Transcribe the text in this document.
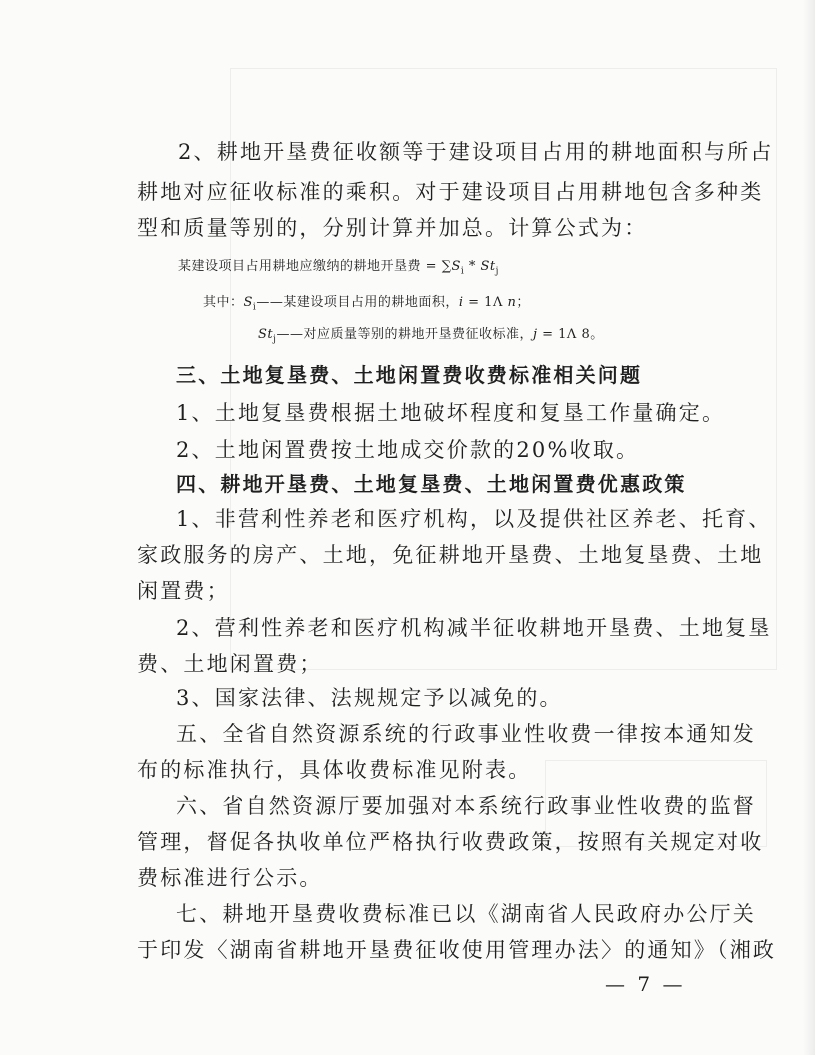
2、耕地开垦费征收额等于建设项目占用的耕地面积与所占
耕地对应征收标准的乘积。对于建设项目占用耕地包含多种类
型和质量等别的，分别计算并加总。计算公式为：
某建设项目占用耕地应缴纳的耕地开垦费 = $\sum S_i * St_j$
其中：$S_i——$某建设项目占用的耕地面积，i = 1Λ n；
$St_j——$对应质量等别的耕地开垦费征收标准，j = 1Λ 8。
三、土地复垦费、土地闲置费收费标准相关问题
1、土地复垦费根据土地破坏程度和复垦工作量确定。
2、土地闲置费按土地成交价款的20%收取。
四、耕地开垦费、土地复垦费、土地闲置费优惠政策
1、非营利性养老和医疗机构，以及提供社区养老、托育、
家政服务的房产、土地，免征耕地开垦费、土地复垦费、土地
闲置费；
2、营利性养老和医疗机构减半征收耕地开垦费、土地复垦
费、土地闲置费；
3、国家法律、法规规定予以减免的。
五、全省自然资源系统的行政事业性收费一律按本通知发
布的标准执行，具体收费标准见附表。
六、省自然资源厅要加强对本系统行政事业性收费的监督
管理，督促各执收单位严格执行收费政策，按照有关规定对收
费标准进行公示。
七、耕地开垦费收费标准已以《湖南省人民政府办公厅关
于印发〈湖南省耕地开垦费征收使用管理办法〉的通知》（湘政
— 7 —
